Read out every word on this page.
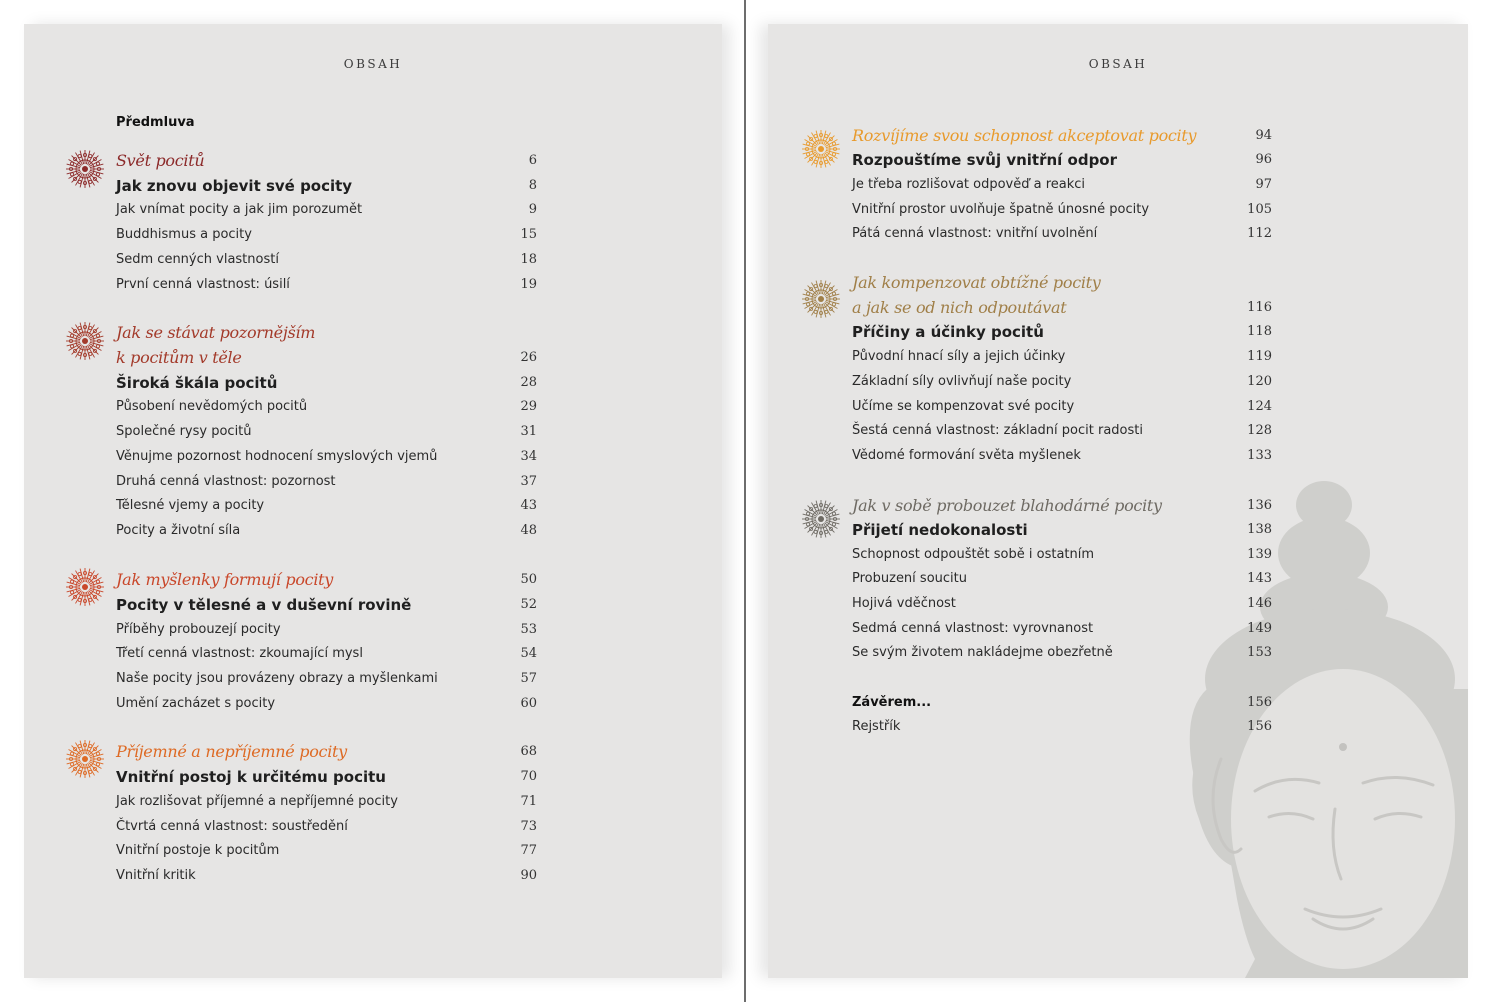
OBSAH
Předmluva
Svět pocitů	6
Jak znovu objevit své pocity	8
Jak vnímat pocity a jak jim porozumět	9
Buddhismus a pocity	15
Sedm cenných vlastností	18
První cenná vlastnost: úsilí	19
Jak se stávat pozornějším
k pocitům v těle	26
Široká škála pocitů	28
Působení nevědomých pocitů	29
Společné rysy pocitů	31
Věnujme pozornost hodnocení smyslových vjemů	34
Druhá cenná vlastnost: pozornost	37
Tělesné vjemy a pocity	43
Pocity a životní síla	48
Jak myšlenky formují pocity	50
Pocity v tělesné a v duševní rovině	52
Příběhy probouzejí pocity	53
Třetí cenná vlastnost: zkoumající mysl	54
Naše pocity jsou provázeny obrazy a myšlenkami	57
Umění zacházet s pocity	60
Příjemné a nepříjemné pocity	68
Vnitřní postoj k určitému pocitu	70
Jak rozlišovat příjemné a nepříjemné pocity	71
Čtvrtá cenná vlastnost: soustředění	73
Vnitřní postoje k pocitům	77
Vnitřní kritik	90
OBSAH
Rozvíjíme svou schopnost akceptovat pocity	94
Rozpouštíme svůj vnitřní odpor	96
Je třeba rozlišovat odpověď a reakci	97
Vnitřní prostor uvolňuje špatně únosné pocity	105
Pátá cenná vlastnost: vnitřní uvolnění	112
Jak kompenzovat obtížné pocity
a jak se od nich odpoutávat	116
Příčiny a účinky pocitů	118
Původní hnací síly a jejich účinky	119
Základní síly ovlivňují naše pocity	120
Učíme se kompenzovat své pocity	124
Šestá cenná vlastnost: základní pocit radosti	128
Vědomé formování světa myšlenek	133
Jak v sobě probouzet blahodárné pocity	136
Přijetí nedokonalosti	138
Schopnost odpouštět sobě i ostatním	139
Probuzení soucitu	143
Hojivá vděčnost	146
Sedmá cenná vlastnost: vyrovnanost	149
Se svým životem nakládejme obezřetně	153
Závěrem...	156
Rejstřík	156
